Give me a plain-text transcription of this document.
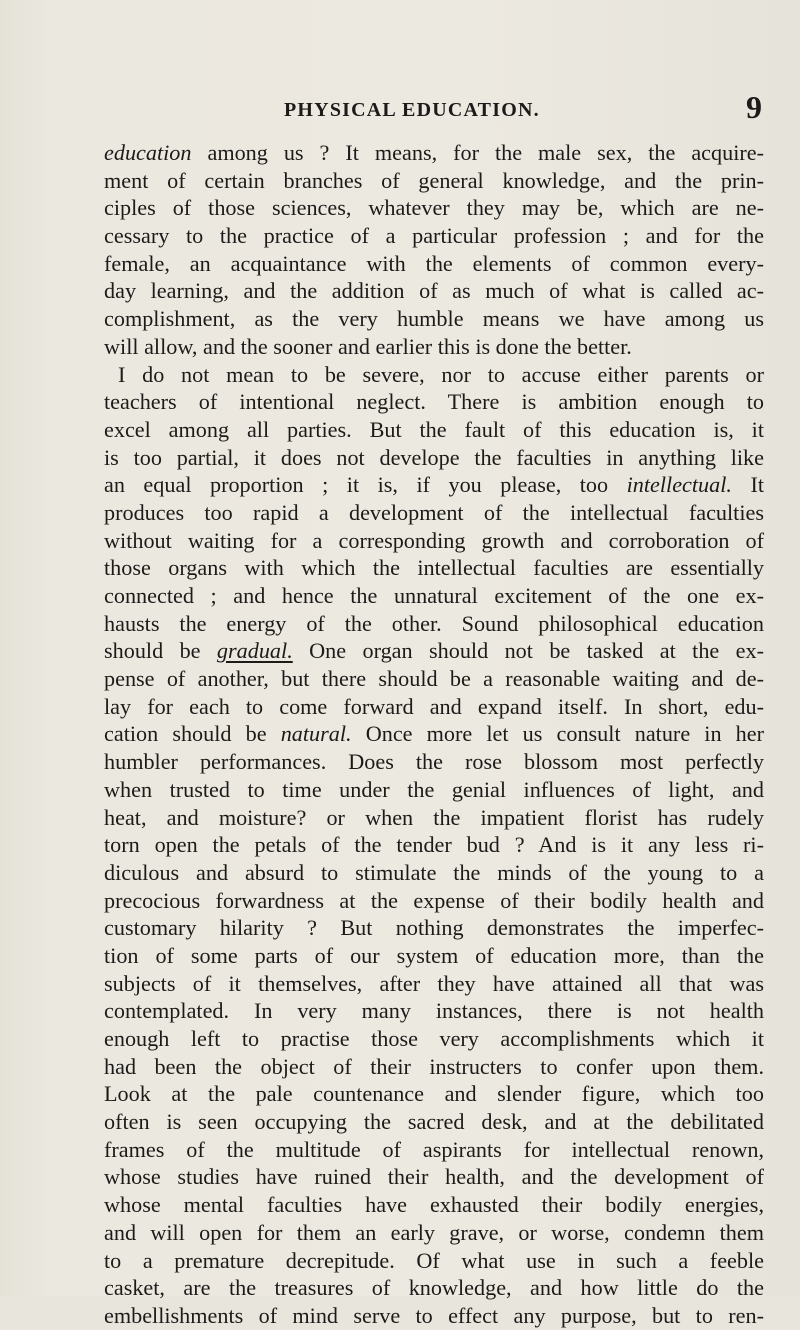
PHYSICAL EDUCATION.	9
education among us ? It means, for the male sex, the acquire-
ment of certain branches of general knowledge, and the prin-
ciples of those sciences, whatever they may be, which are ne-
cessary to the practice of a particular profession ; and for the
female, an acquaintance with the elements of common every-
day learning, and the addition of as much of what is called ac-
complishment, as the very humble means we have among us
will allow, and the sooner and earlier this is done the better.
I do not mean to be severe, nor to accuse either parents or
teachers of intentional neglect. There is ambition enough to
excel among all parties. But the fault of this education is, it
is too partial, it does not develope the faculties in anything like
an equal proportion ; it is, if you please, too intellectual. It
produces too rapid a development of the intellectual faculties
without waiting for a corresponding growth and corroboration of
those organs with which the intellectual faculties are essentially
connected ; and hence the unnatural excitement of the one ex-
hausts the energy of the other. Sound philosophical education
should be gradual. One organ should not be tasked at the ex-
pense of another, but there should be a reasonable waiting and de-
lay for each to come forward and expand itself. In short, edu-
cation should be natural. Once more let us consult nature in her
humbler performances. Does the rose blossom most perfectly
when trusted to time under the genial influences of light, and
heat, and moisture? or when the impatient florist has rudely
torn open the petals of the tender bud ? And is it any less ri-
diculous and absurd to stimulate the minds of the young to a
precocious forwardness at the expense of their bodily health and
customary hilarity ? But nothing demonstrates the imperfec-
tion of some parts of our system of education more, than the
subjects of it themselves, after they have attained all that was
contemplated. In very many instances, there is not health
enough left to practise those very accomplishments which it
had been the object of their instructers to confer upon them.
Look at the pale countenance and slender figure, which too
often is seen occupying the sacred desk, and at the debilitated
frames of the multitude of aspirants for intellectual renown,
whose studies have ruined their health, and the development of
whose mental faculties have exhausted their bodily energies,
and will open for them an early grave, or worse, condemn them
to a premature decrepitude. Of what use in such a feeble
casket, are the treasures of knowledge, and how little do the
embellishments of mind serve to effect any purpose, but to ren-
